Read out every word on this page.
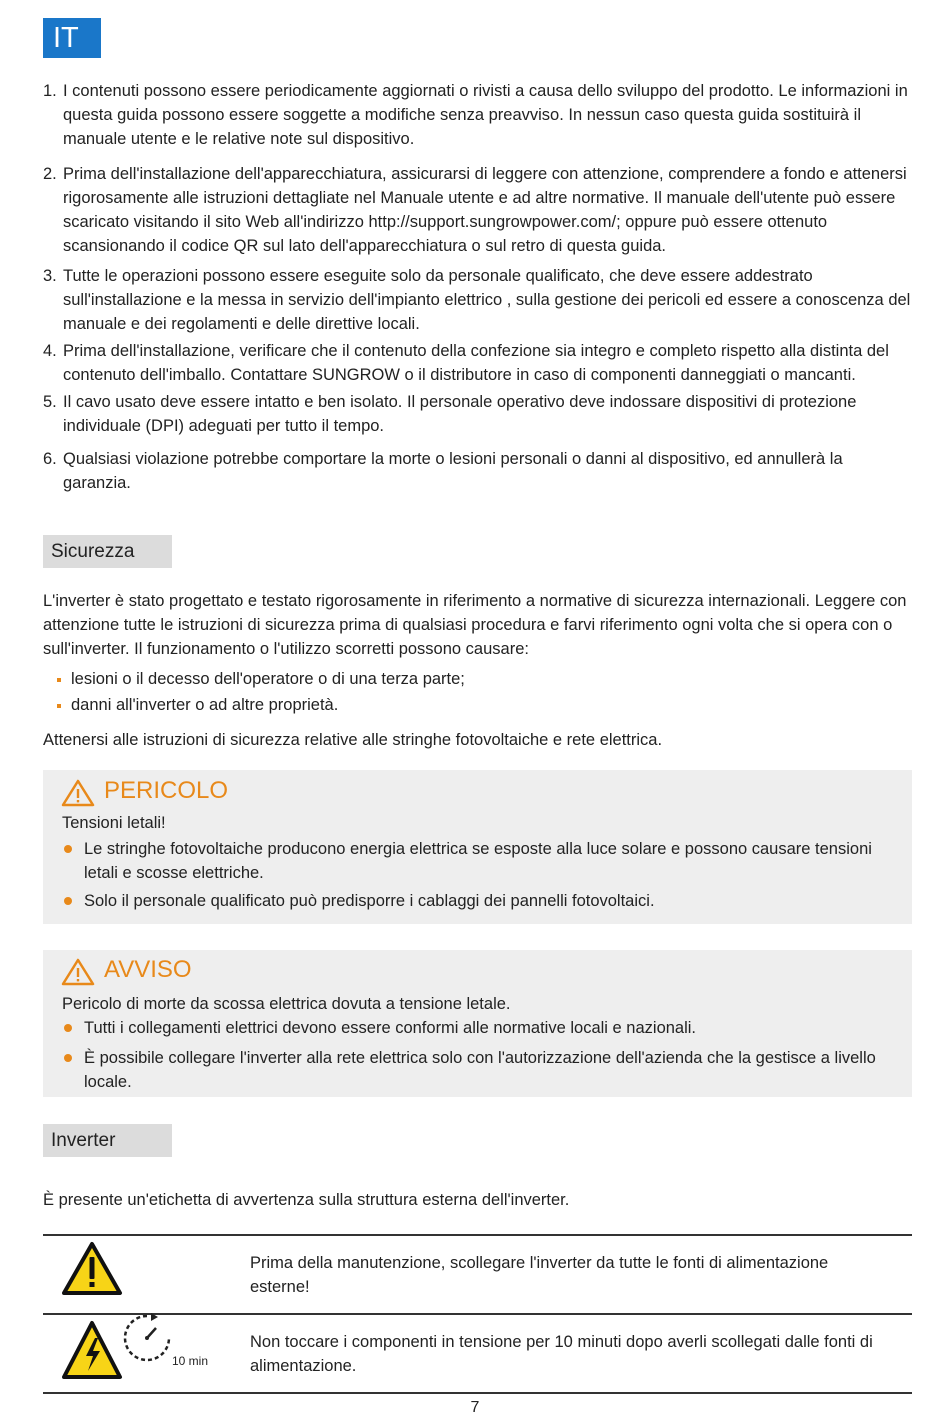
IT
1. I contenuti possono essere periodicamente aggiornati o rivisti a causa dello sviluppo del prodotto. Le informazioni in questa guida possono essere soggette a modifiche senza preavviso. In nessun caso questa guida sostituirà il manuale utente e le relative note sul dispositivo.
2. Prima dell'installazione dell'apparecchiatura, assicurarsi di leggere con attenzione, comprendere a fondo e attenersi rigorosamente alle istruzioni dettagliate nel Manuale utente e ad altre normative. Il manuale dell'utente può essere scaricato visitando il sito Web all'indirizzo http://support.sungrowpower.com/; oppure può essere ottenuto scansionando il codice QR sul lato dell'apparecchiatura o sul retro di questa guida.
3. Tutte le operazioni possono essere eseguite solo da personale qualificato, che deve essere addestrato sull'installazione e la messa in servizio dell'impianto elettrico , sulla gestione dei pericoli ed essere a conoscenza del manuale e dei regolamenti e delle direttive locali.
4. Prima dell'installazione, verificare che il contenuto della confezione sia integro e completo rispetto alla distinta del contenuto dell'imballo. Contattare SUNGROW o il distributore in caso di componenti danneggiati o mancanti.
5. Il cavo usato deve essere intatto e ben isolato. Il personale operativo deve indossare dispositivi di protezione individuale (DPI) adeguati per tutto il tempo.
6. Qualsiasi violazione potrebbe comportare la morte o lesioni personali o danni al dispositivo, ed annullerà la garanzia.
Sicurezza

L'inverter è stato progettato e testato rigorosamente in riferimento a normative di sicurezza internazionali. Leggere con attenzione tutte le istruzioni di sicurezza prima di qualsiasi procedura e farvi riferimento ogni volta che si opera con o sull'inverter. Il funzionamento o l'utilizzo scorretti possono causare:

lesioni o il decesso dell'operatore o di una terza parte;
danni all'inverter o ad altre proprietà.

Attenersi alle istruzioni di sicurezza relative alle stringhe fotovoltaiche e rete elettrica.

PERICOLO
Tensioni letali!
Le stringhe fotovoltaiche producono energia elettrica se esposte alla luce solare e possono causare tensioni letali e scosse elettriche.
Solo il personale qualificato può predisporre i cablaggi dei pannelli fotovoltaici.
AVVISO
Pericolo di morte da scossa elettrica dovuta a tensione letale.
Tutti i collegamenti elettrici devono essere conformi alle normative locali e nazionali.
È possibile collegare l'inverter alla rete elettrica solo con l'autorizzazione dell'azienda che la gestisce a livello locale.
Inverter

È presente un'etichetta di avvertenza sulla struttura esterna dell'inverter.

	Prima della manutenzione, scollegare l'inverter da tutte le fonti di alimentazione esterne!
	Non toccare i componenti in tensione per 10 minuti dopo averli scollegati dalle fonti di alimentazione.
10 min
7
